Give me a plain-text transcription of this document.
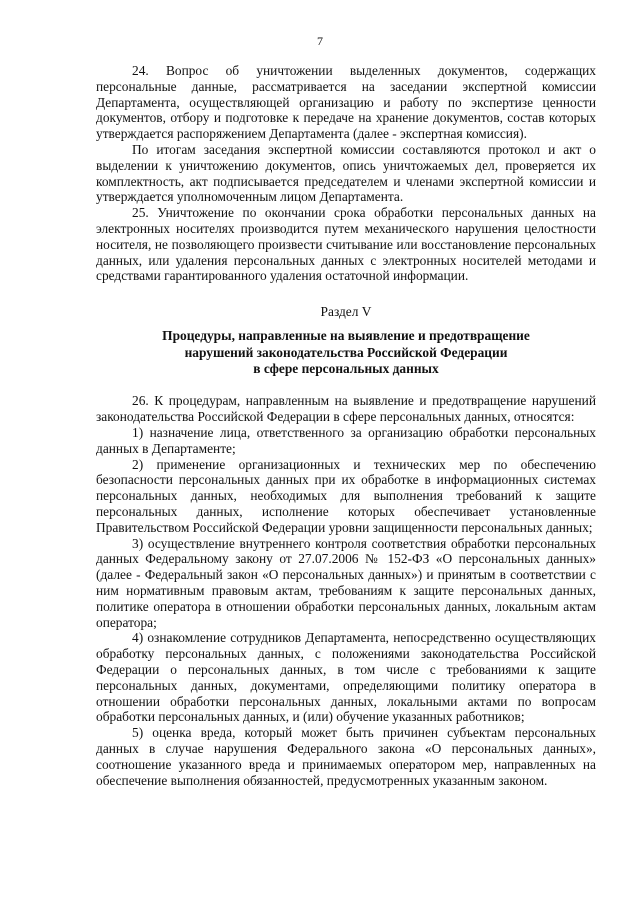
7

24. Вопрос об уничтожении выделенных документов, содержащих персональные данные, рассматривается на заседании экспертной комиссии Департамента, осуществляющей организацию и работу по экспертизе ценности документов, отбору и подготовке к передаче на хранение документов, состав которых утверждается распоряжением Департамента (далее - экспертная комиссия).

По итогам заседания экспертной комиссии составляются протокол и акт о выделении к уничтожению документов, опись уничтожаемых дел, проверяется их комплектность, акт подписывается председателем и членами экспертной комиссии и утверждается уполномоченным лицом Департамента.

25. Уничтожение по окончании срока обработки персональных данных на электронных носителях производится путем механического нарушения целостности носителя, не позволяющего произвести считывание или восстановление персональных данных, или удаления персональных данных с электронных носителей методами и средствами гарантированного удаления остаточной информации.

Раздел V
Процедуры, направленные на выявление и предотвращение
нарушений законодательства Российской Федерации
в сфере персональных данных

26. К процедурам, направленным на выявление и предотвращение нарушений законодательства Российской Федерации в сфере персональных данных, относятся:

1) назначение лица, ответственного за организацию обработки персональных данных в Департаменте;

2) применение организационных и технических мер по обеспечению безопасности персональных данных при их обработке в информационных системах персональных данных, необходимых для выполнения требований к защите персональных данных, исполнение которых обеспечивает установленные Правительством Российской Федерации уровни защищенности персональных данных;

3) осуществление внутреннего контроля соответствия обработки персональных данных Федеральному закону от 27.07.2006 № 152-ФЗ «О персональных данных» (далее - Федеральный закон «О персональных данных») и принятым в соответствии с ним нормативным правовым актам, требованиям к защите персональных данных, политике оператора в отношении обработки персональных данных, локальным актам оператора;

4) ознакомление сотрудников Департамента, непосредственно осуществляющих обработку персональных данных, с положениями законодательства Российской Федерации о персональных данных, в том числе с требованиями к защите персональных данных, документами, определяющими политику оператора в отношении обработки персональных данных, локальными актами по вопросам обработки персональных данных, и (или) обучение указанных работников;

5) оценка вреда, который может быть причинен субъектам персональных данных в случае нарушения Федерального закона «О персональных данных», соотношение указанного вреда и принимаемых оператором мер, направленных на обеспечение выполнения обязанностей, предусмотренных указанным законом.
